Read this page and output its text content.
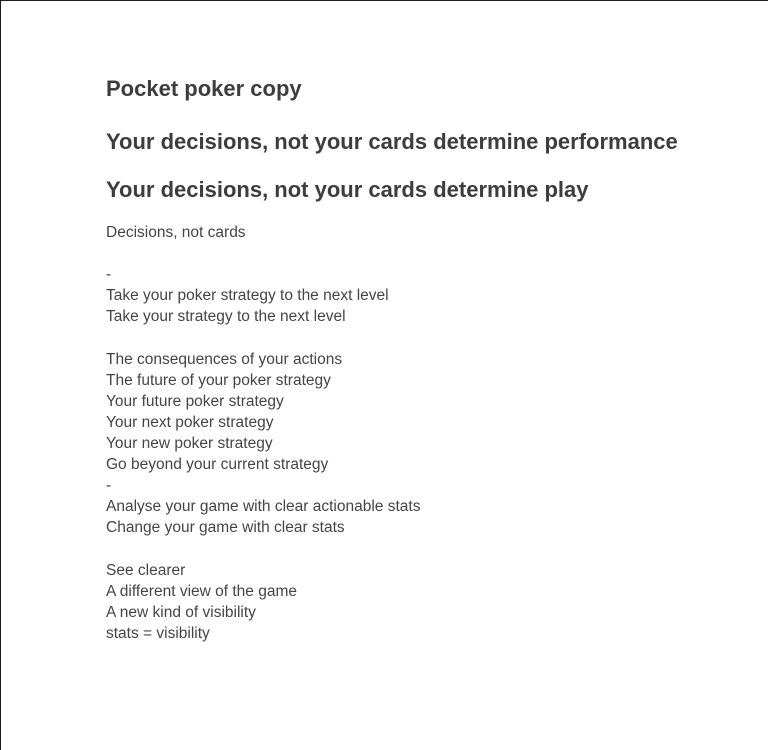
Pocket poker copy
Your decisions, not your cards determine performance
Your decisions, not your cards determine play
Decisions, not cards
-
Take your poker strategy to the next level
Take your strategy to the next level
The consequences of your actions
The future of your poker strategy
Your future poker strategy
Your next poker strategy
Your new poker strategy
Go beyond your current strategy
-
Analyse your game with clear actionable stats
Change your game with clear stats
See clearer
A different view of the game
A new kind of visibility
stats = visibility
